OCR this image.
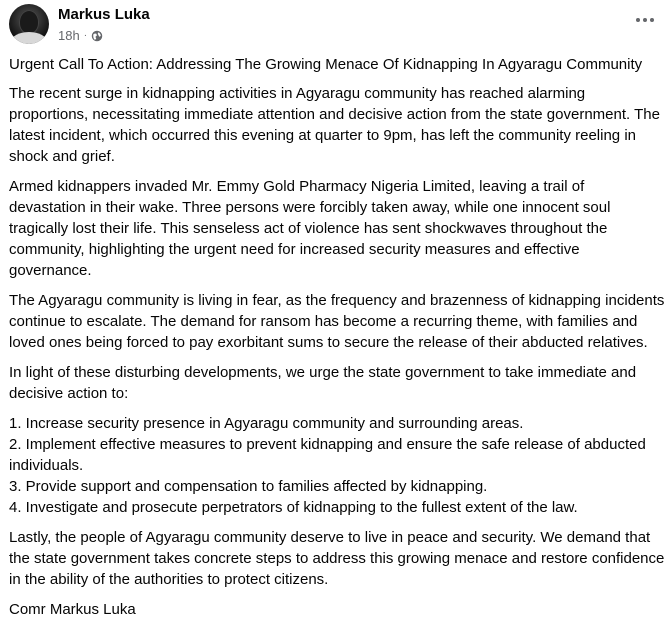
Markus Luka
18h ·

Urgent Call To Action: Addressing The Growing Menace Of Kidnapping In Agyaragu Community

The recent surge in kidnapping activities in Agyaragu community has reached alarming proportions, necessitating immediate attention and decisive action from the state government. The latest incident, which occurred this evening at quarter to 9pm, has left the community reeling in shock and grief.

Armed kidnappers invaded Mr. Emmy Gold Pharmacy Nigeria Limited, leaving a trail of devastation in their wake. Three persons were forcibly taken away, while one innocent soul tragically lost their life. This senseless act of violence has sent shockwaves throughout the community, highlighting the urgent need for increased security measures and effective governance.

The Agyaragu community is living in fear, as the frequency and brazenness of kidnapping incidents continue to escalate. The demand for ransom has become a recurring theme, with families and loved ones being forced to pay exorbitant sums to secure the release of their abducted relatives.

In light of these disturbing developments, we urge the state government to take immediate and decisive action to:

1. Increase security presence in Agyaragu community and surrounding areas.
2. Implement effective measures to prevent kidnapping and ensure the safe release of abducted individuals.
3. Provide support and compensation to families affected by kidnapping.
4. Investigate and prosecute perpetrators of kidnapping to the fullest extent of the law.

Lastly, the people of Agyaragu community deserve to live in peace and security. We demand that the state government takes concrete steps to address this growing menace and restore confidence in the ability of the authorities to protect citizens.

Comr Markus Luka
